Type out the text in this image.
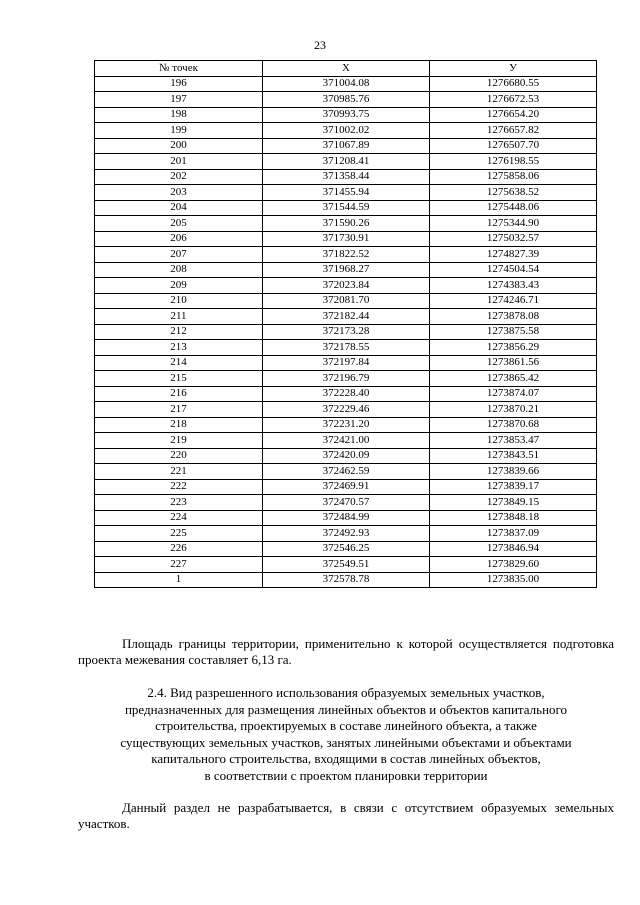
23
№ точек	Х	У
196	371004.08	1276680.55
197	370985.76	1276672.53
198	370993.75	1276654.20
199	371002.02	1276657.82
200	371067.89	1276507.70
201	371208.41	1276198.55
202	371358.44	1275858.06
203	371455.94	1275638.52
204	371544.59	1275448.06
205	371590.26	1275344.90
206	371730.91	1275032.57
207	371822.52	1274827.39
208	371968.27	1274504.54
209	372023.84	1274383.43
210	372081.70	1274246.71
211	372182.44	1273878.08
212	372173.28	1273875.58
213	372178.55	1273856.29
214	372197.84	1273861.56
215	372196.79	1273865.42
216	372228.40	1273874.07
217	372229.46	1273870.21
218	372231.20	1273870.68
219	372421.00	1273853.47
220	372420.09	1273843.51
221	372462.59	1273839.66
222	372469.91	1273839.17
223	372470.57	1273849.15
224	372484.99	1273848.18
225	372492.93	1273837.09
226	372546.25	1273846.94
227	372549.51	1273829.60
1	372578.78	1273835.00

Площадь границы территории, применительно к которой осуществляется подготовка проекта межевания составляет 6,13 га.

2.4. Вид разрешенного использования образуемых земельных участков,
предназначенных для размещения линейных объектов и объектов капитального
строительства, проектируемых в составе линейного объекта, а также
существующих земельных участков, занятых линейными объектами и объектами
капитального строительства, входящими в состав линейных объектов,
в соответствии с проектом планировки территории

Данный раздел не разрабатывается, в связи с отсутствием образуемых земельных участков.
